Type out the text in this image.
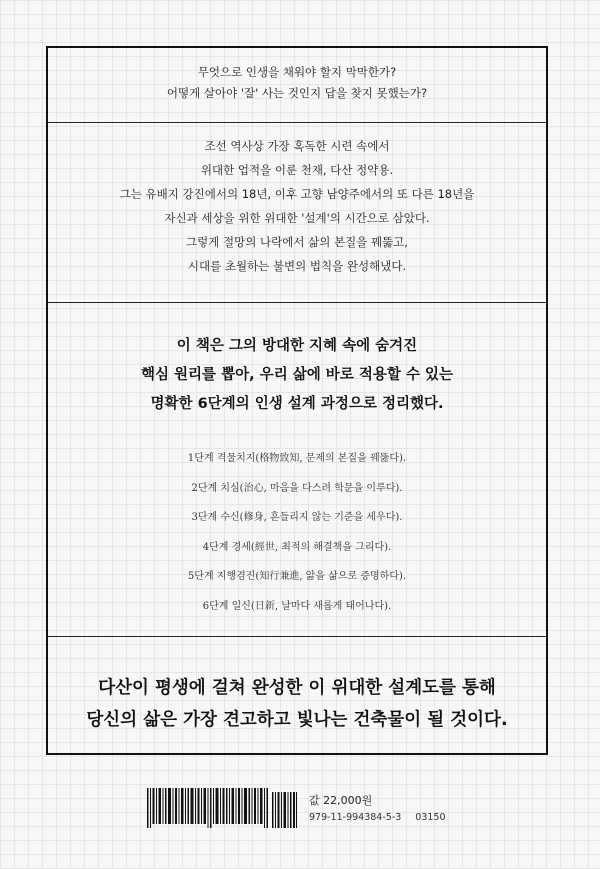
무엇으로 인생을 채워야 할지 막막한가?
어떻게 살아야 '잘' 사는 것인지 답을 찾지 못했는가?
조선 역사상 가장 혹독한 시련 속에서
위대한 업적을 이룬 천재, 다산 정약용.
그는 유배지 강진에서의 18년, 이후 고향 남양주에서의 또 다른 18년을
자신과 세상을 위한 위대한 '설계'의 시간으로 삼았다.
그렇게 절망의 나락에서 삶의 본질을 꿰뚫고,
시대를 초월하는 불변의 법칙을 완성해냈다.
이 책은 그의 방대한 지혜 속에 숨겨진
핵심 원리를 뽑아, 우리 삶에 바로 적용할 수 있는
명확한 6단계의 인생 설계 과정으로 정리했다.
1단계 격물치지(格物致知, 문제의 본질을 꿰뚫다).
2단계 치심(治心, 마음을 다스려 학문을 이루다).
3단계 수신(修身, 흔들리지 않는 기준을 세우다).
4단계 경세(經世, 최적의 해결책을 그리다).
5단계 지행겸진(知行兼進, 앎을 삶으로 증명하다).
6단계 일신(日新, 날마다 새롭게 태어나다).
다산이 평생에 걸쳐 완성한 이 위대한 설계도를 통해
당신의 삶은 가장 견고하고 빛나는 건축물이 될 것이다.
값 22,000원
979-11-994384-5-3 03150
